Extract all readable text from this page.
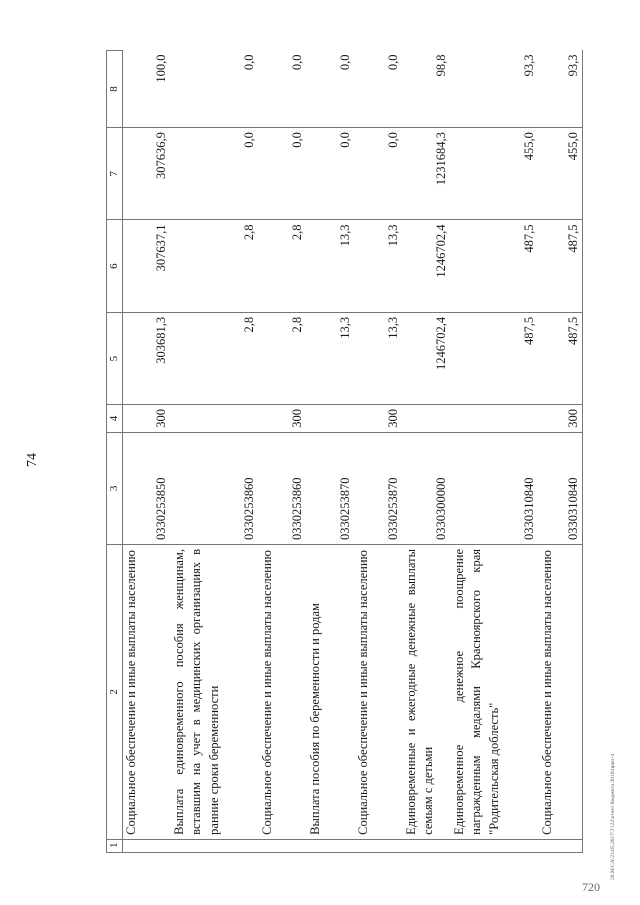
74
1	2	3	4	5	6	7	8
	Социальное обеспечение и иные выплаты населению	0330253850	300	303681,3	307637,1	307636,9	100,0
	Выплата единовременного пособия женщинам, вставшим на учет в медицинских организациях в ранние сроки беременности	0330253860		2,8	2,8	0,0	0,0
	Социальное обеспечение и иные выплаты населению	0330253860	300	2,8	2,8	0,0	0,0
	Выплата пособия по беременности и родам	0330253870		13,3	13,3	0,0	0,0
	Социальное обеспечение и иные выплаты населению	0330253870	300	13,3	13,3	0,0	0,0
	Единовременные и ежегодные денежные выплаты семьям с детьми	0330300000		1246702,4	1246702,4	1231684,3	98,8
	Единовременное денежное поощрение награжденным медалями Красноярского края "Родительская доблесть"	0330310840		487,5	487,5	455,0	93,3
	Социальное обеспечение и иные выплаты населению	0330310840	300	487,5	487,5	455,0	93,3
720
20.М\СА\23.05.2017\Т122\отчет бюджета 2016\прил-4
